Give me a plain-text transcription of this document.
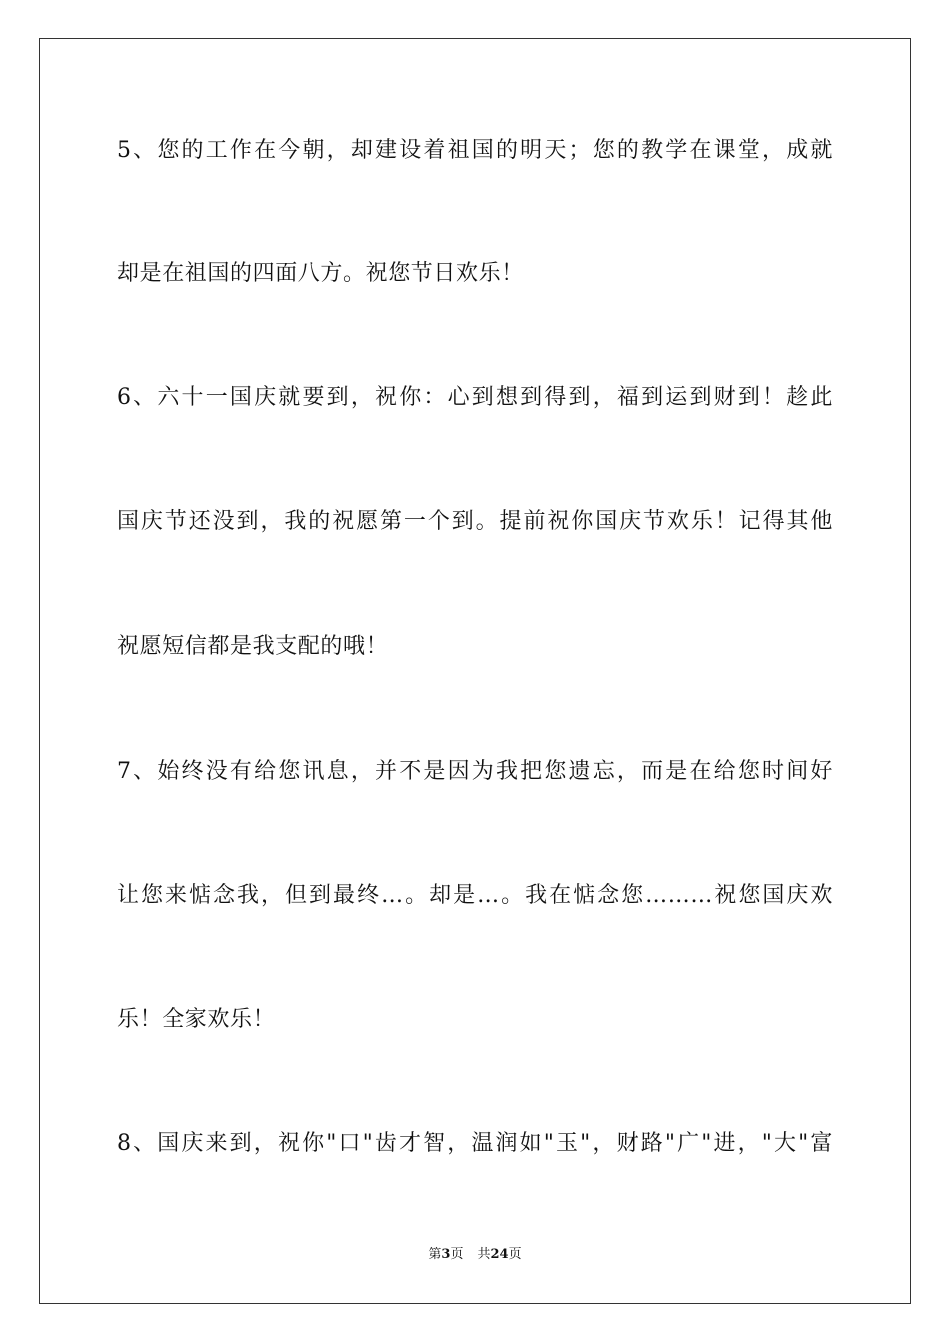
5、您的工作在今朝，却建设着祖国的明天；您的教学在课堂，成就
却是在祖国的四面八方。祝您节日欢乐！
6、六十一国庆就要到，祝你：心到想到得到，福到运到财到！趁此
国庆节还没到，我的祝愿第一个到。提前祝你国庆节欢乐！记得其他
祝愿短信都是我支配的哦！
7、始终没有给您讯息，并不是因为我把您遗忘，而是在给您时间好
让您来惦念我，但到最终…。却是…。我在惦念您………祝您国庆欢
乐！全家欢乐！
8、国庆来到，祝你"口"齿才智，温润如"玉"，财路"广"进，"大"富
第3页 共24页
